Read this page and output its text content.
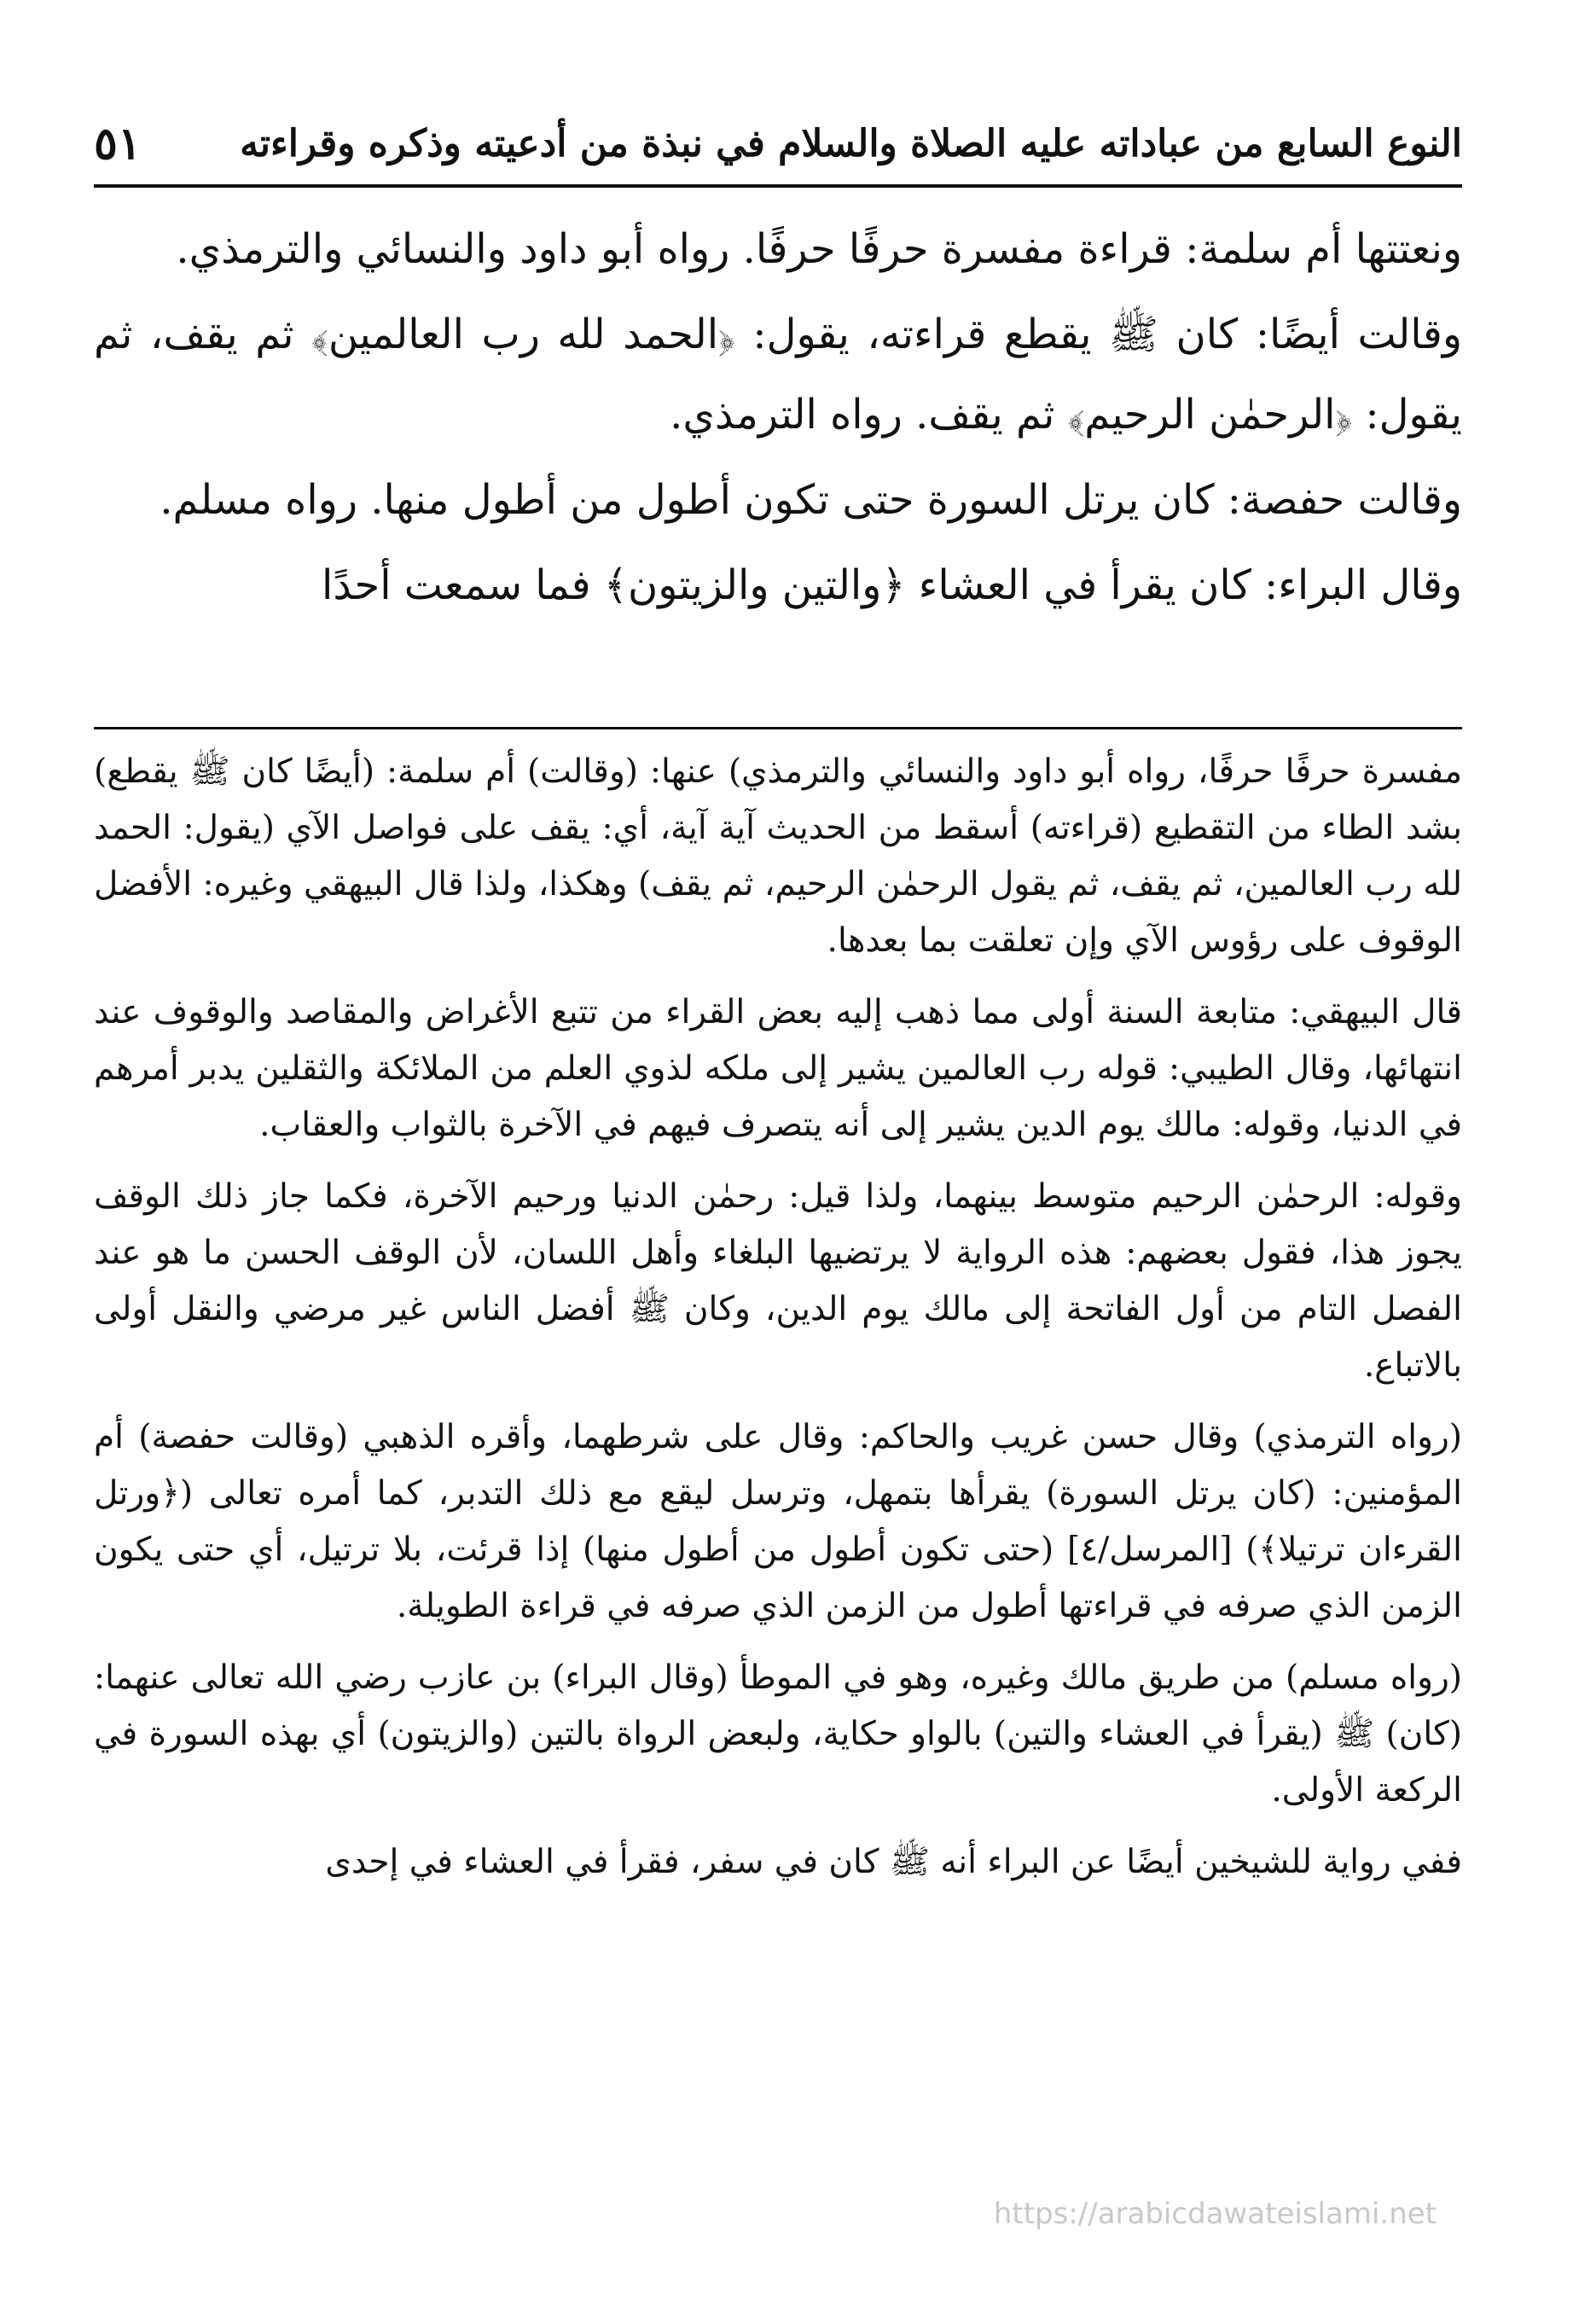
النوع السابع من عباداته عليه الصلاة والسلام في نبذة من أدعيته وذكره وقراءته
٥١

ونعتتها أم سلمة: قراءة مفسرة حرفًا حرفًا. رواه أبو داود والنسائي والترمذي.

وقالت أيضًا: كان ﷺ يقطع قراءته، يقول: ﴿الحمد لله رب العالمين﴾ ثم يقف، ثم يقول: ﴿الرحمٰن الرحيم﴾ ثم يقف. رواه الترمذي.

وقالت حفصة: كان يرتل السورة حتى تكون أطول من أطول منها. رواه مسلم.

وقال البراء: كان يقرأ في العشاء ﴿والتين والزيتون﴾ فما سمعت أحدًا

مفسرة حرفًا حرفًا، رواه أبو داود والنسائي والترمذي) عنها: (وقالت) أم سلمة: (أيضًا كان ﷺ يقطع) بشد الطاء من التقطيع (قراءته) أسقط من الحديث آية آية، أي: يقف على فواصل الآي (يقول: الحمد لله رب العالمين، ثم يقف، ثم يقول الرحمٰن الرحيم، ثم يقف) وهكذا، ولذا قال البيهقي وغيره: الأفضل الوقوف على رؤوس الآي وإن تعلقت بما بعدها.

قال البيهقي: متابعة السنة أولى مما ذهب إليه بعض القراء من تتبع الأغراض والمقاصد والوقوف عند انتهائها، وقال الطيبي: قوله رب العالمين يشير إلى ملكه لذوي العلم من الملائكة والثقلين يدبر أمرهم في الدنيا، وقوله: مالك يوم الدين يشير إلى أنه يتصرف فيهم في الآخرة بالثواب والعقاب.

وقوله: الرحمٰن الرحيم متوسط بينهما، ولذا قيل: رحمٰن الدنيا ورحيم الآخرة، فكما جاز ذلك الوقف يجوز هذا، فقول بعضهم: هذه الرواية لا يرتضيها البلغاء وأهل اللسان، لأن الوقف الحسن ما هو عند الفصل التام من أول الفاتحة إلى مالك يوم الدين، وكان ﷺ أفضل الناس غير مرضي والنقل أولى بالاتباع.

(رواه الترمذي) وقال حسن غريب والحاكم: وقال على شرطهما، وأقره الذهبي (وقالت حفصة) أم المؤمنين: (كان يرتل السورة) يقرأها بتمهل، وترسل ليقع مع ذلك التدبر، كما أمره تعالى (﴿ورتل القرءان ترتيلا﴾) [المرسل/٤] (حتى تكون أطول من أطول منها) إذا قرئت، بلا ترتيل، أي حتى يكون الزمن الذي صرفه في قراءتها أطول من الزمن الذي صرفه في قراءة الطويلة.

(رواه مسلم) من طريق مالك وغيره، وهو في الموطأ (وقال البراء) بن عازب رضي الله تعالى عنهما: (كان) ﷺ (يقرأ في العشاء والتين) بالواو حكاية، ولبعض الرواة بالتين (والزيتون) أي بهذه السورة في الركعة الأولى.

ففي رواية للشيخين أيضًا عن البراء أنه ﷺ كان في سفر، فقرأ في العشاء في إحدى

https://arabicdawateislami.net
